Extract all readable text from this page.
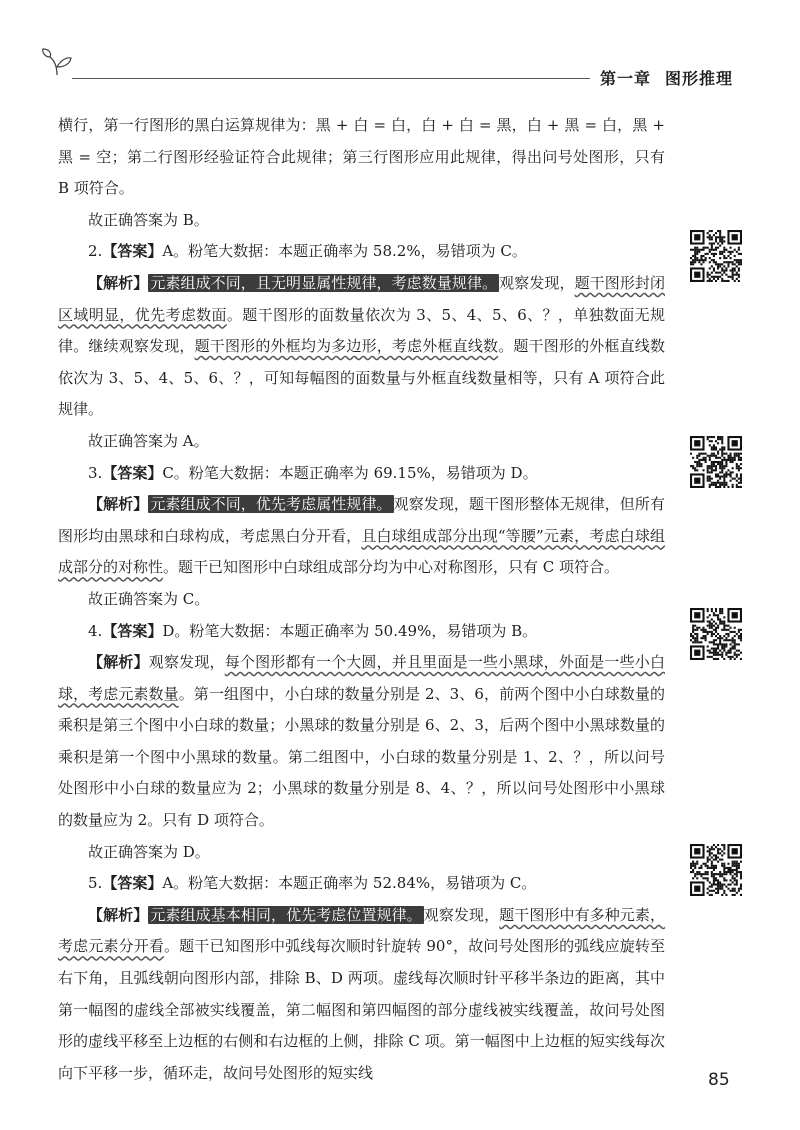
第一章 图形推理

横行，第一行图形的黑白运算规律为：黑 + 白 = 白，白 + 白 = 黑，白 + 黑 = 白，黑 + 黑 = 空；第二行图形经验证符合此规律；第三行图形应用此规律，得出问号处图形，只有 B 项符合。

故正确答案为 B。

2.【答案】A。粉笔大数据：本题正确率为 58.2%，易错项为 C。

【解析】 元素组成不同，且无明显属性规律，考虑数量规律。 观察发现，题干图形封闭区域明显，优先考虑数面。题干图形的面数量依次为 3、5、4、5、6、？，单独数面无规律。继续观察发现，题干图形的外框均为多边形，考虑外框直线数。题干图形的外框直线数依次为 3、5、4、5、6、？，可知每幅图的面数量与外框直线数量相等，只有 A 项符合此规律。

故正确答案为 A。

3.【答案】C。粉笔大数据：本题正确率为 69.15%，易错项为 D。

【解析】 元素组成不同，优先考虑属性规律。 观察发现，题干图形整体无规律，但所有图形均由黑球和白球构成，考虑黑白分开看，且白球组成部分出现“等腰”元素，考虑白球组成部分的对称性。题干已知图形中白球组成部分均为中心对称图形，只有 C 项符合。

故正确答案为 C。

4.【答案】D。粉笔大数据：本题正确率为 50.49%，易错项为 B。

【解析】观察发现，每个图形都有一个大圆，并且里面是一些小黑球，外面是一些小白球，考虑元素数量。第一组图中，小白球的数量分别是 2、3、6，前两个图中小白球数量的乘积是第三个图中小白球的数量；小黑球的数量分别是 6、2、3，后两个图中小黑球数量的乘积是第一个图中小黑球的数量。第二组图中，小白球的数量分别是 1、2、？，所以问号处图形中小白球的数量应为 2；小黑球的数量分别是 8、4、？，所以问号处图形中小黑球的数量应为 2。只有 D 项符合。

故正确答案为 D。

5.【答案】A。粉笔大数据：本题正确率为 52.84%，易错项为 C。

【解析】 元素组成基本相同，优先考虑位置规律。 观察发现，题干图形中有多种元素，考虑元素分开看。题干已知图形中弧线每次顺时针旋转 90°，故问号处图形的弧线应旋转至右下角，且弧线朝向图形内部，排除 B、D 两项。虚线每次顺时针平移半条边的距离，其中第一幅图的虚线全部被实线覆盖，第二幅图和第四幅图的部分虚线被实线覆盖，故问号处图形的虚线平移至上边框的右侧和右边框的上侧，排除 C 项。第一幅图中上边框的短实线每次向下平移一步，循环走，故问号处图形的短实线	85
